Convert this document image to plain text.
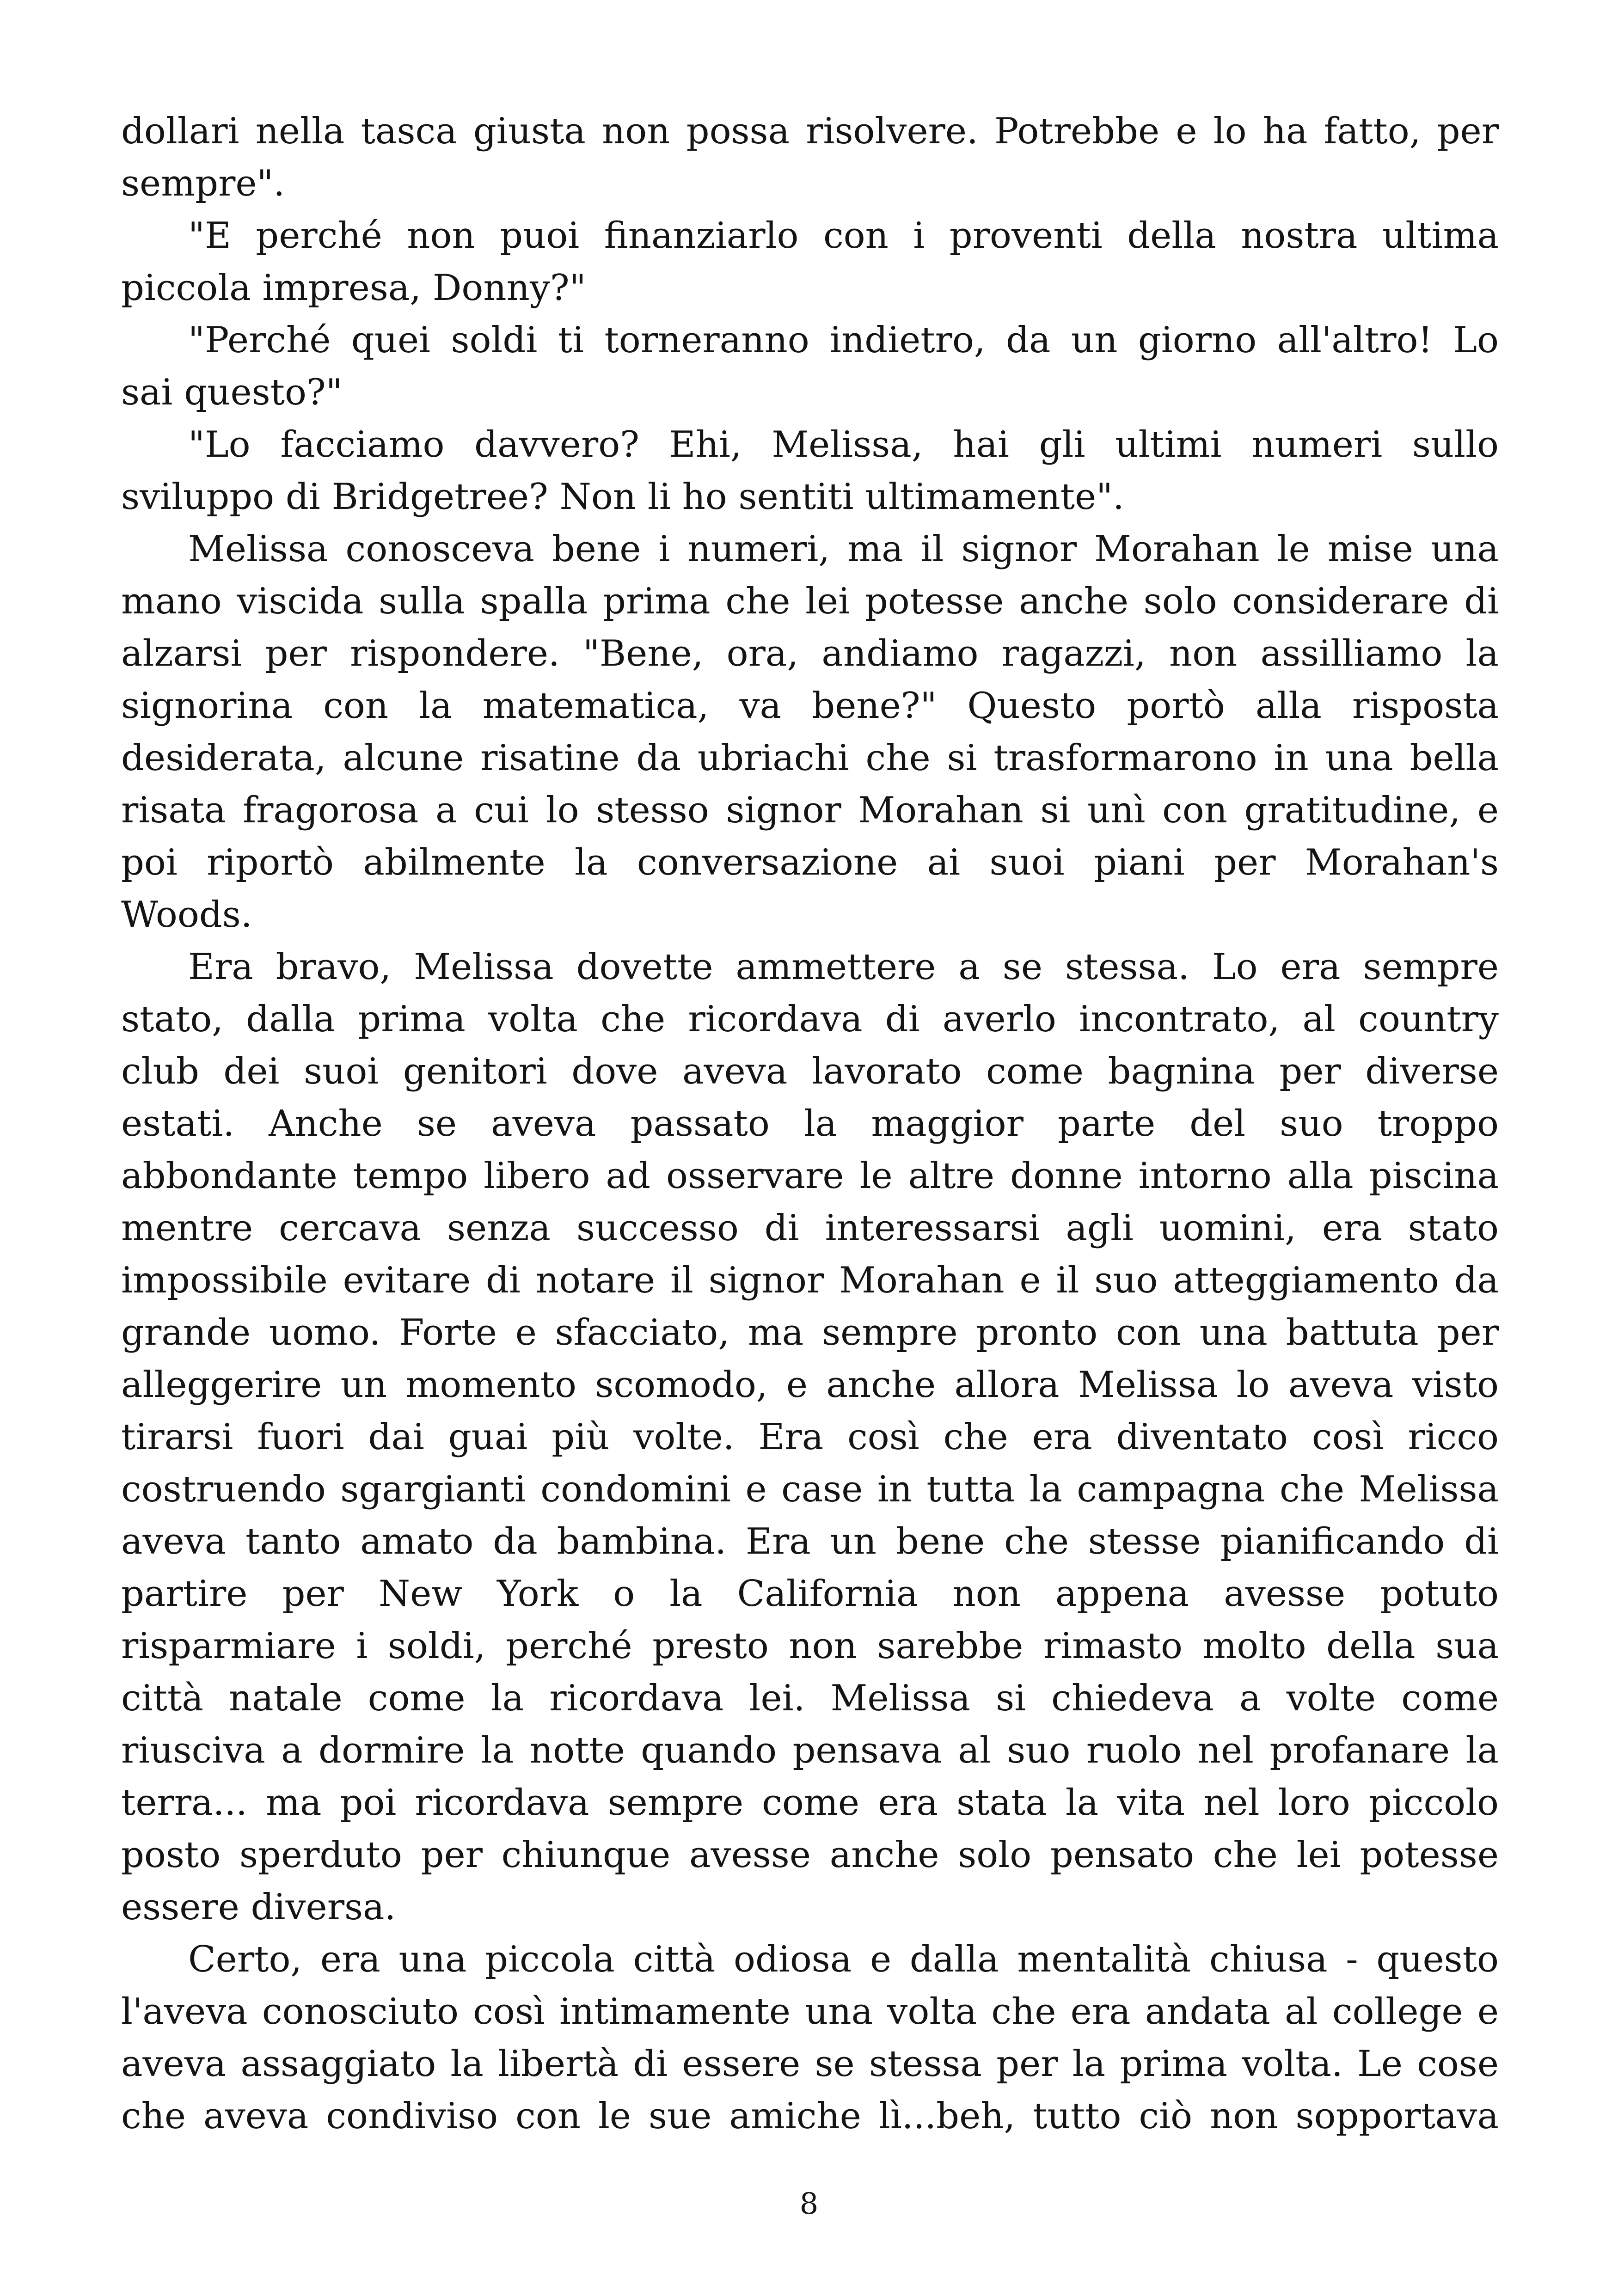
dollari nella tasca giusta non possa risolvere. Potrebbe e lo ha fatto, per
sempre".
"E perché non puoi finanziarlo con i proventi della nostra ultima
piccola impresa, Donny?"
"Perché quei soldi ti torneranno indietro, da un giorno all'altro! Lo
sai questo?"
"Lo facciamo davvero? Ehi, Melissa, hai gli ultimi numeri sullo
sviluppo di Bridgetree? Non li ho sentiti ultimamente".
Melissa conosceva bene i numeri, ma il signor Morahan le mise una
mano viscida sulla spalla prima che lei potesse anche solo considerare di
alzarsi per rispondere. "Bene, ora, andiamo ragazzi, non assilliamo la
signorina con la matematica, va bene?" Questo portò alla risposta
desiderata, alcune risatine da ubriachi che si trasformarono in una bella
risata fragorosa a cui lo stesso signor Morahan si unì con gratitudine, e
poi riportò abilmente la conversazione ai suoi piani per Morahan's
Woods.
Era bravo, Melissa dovette ammettere a se stessa. Lo era sempre
stato, dalla prima volta che ricordava di averlo incontrato, al country
club dei suoi genitori dove aveva lavorato come bagnina per diverse
estati. Anche se aveva passato la maggior parte del suo troppo
abbondante tempo libero ad osservare le altre donne intorno alla piscina
mentre cercava senza successo di interessarsi agli uomini, era stato
impossibile evitare di notare il signor Morahan e il suo atteggiamento da
grande uomo. Forte e sfacciato, ma sempre pronto con una battuta per
alleggerire un momento scomodo, e anche allora Melissa lo aveva visto
tirarsi fuori dai guai più volte. Era così che era diventato così ricco
costruendo sgargianti condomini e case in tutta la campagna che Melissa
aveva tanto amato da bambina. Era un bene che stesse pianificando di
partire per New York o la California non appena avesse potuto
risparmiare i soldi, perché presto non sarebbe rimasto molto della sua
città natale come la ricordava lei. Melissa si chiedeva a volte come
riusciva a dormire la notte quando pensava al suo ruolo nel profanare la
terra... ma poi ricordava sempre come era stata la vita nel loro piccolo
posto sperduto per chiunque avesse anche solo pensato che lei potesse
essere diversa.
Certo, era una piccola città odiosa e dalla mentalità chiusa - questo
l'aveva conosciuto così intimamente una volta che era andata al college e
aveva assaggiato la libertà di essere se stessa per la prima volta. Le cose
che aveva condiviso con le sue amiche lì...beh, tutto ciò non sopportava
8
